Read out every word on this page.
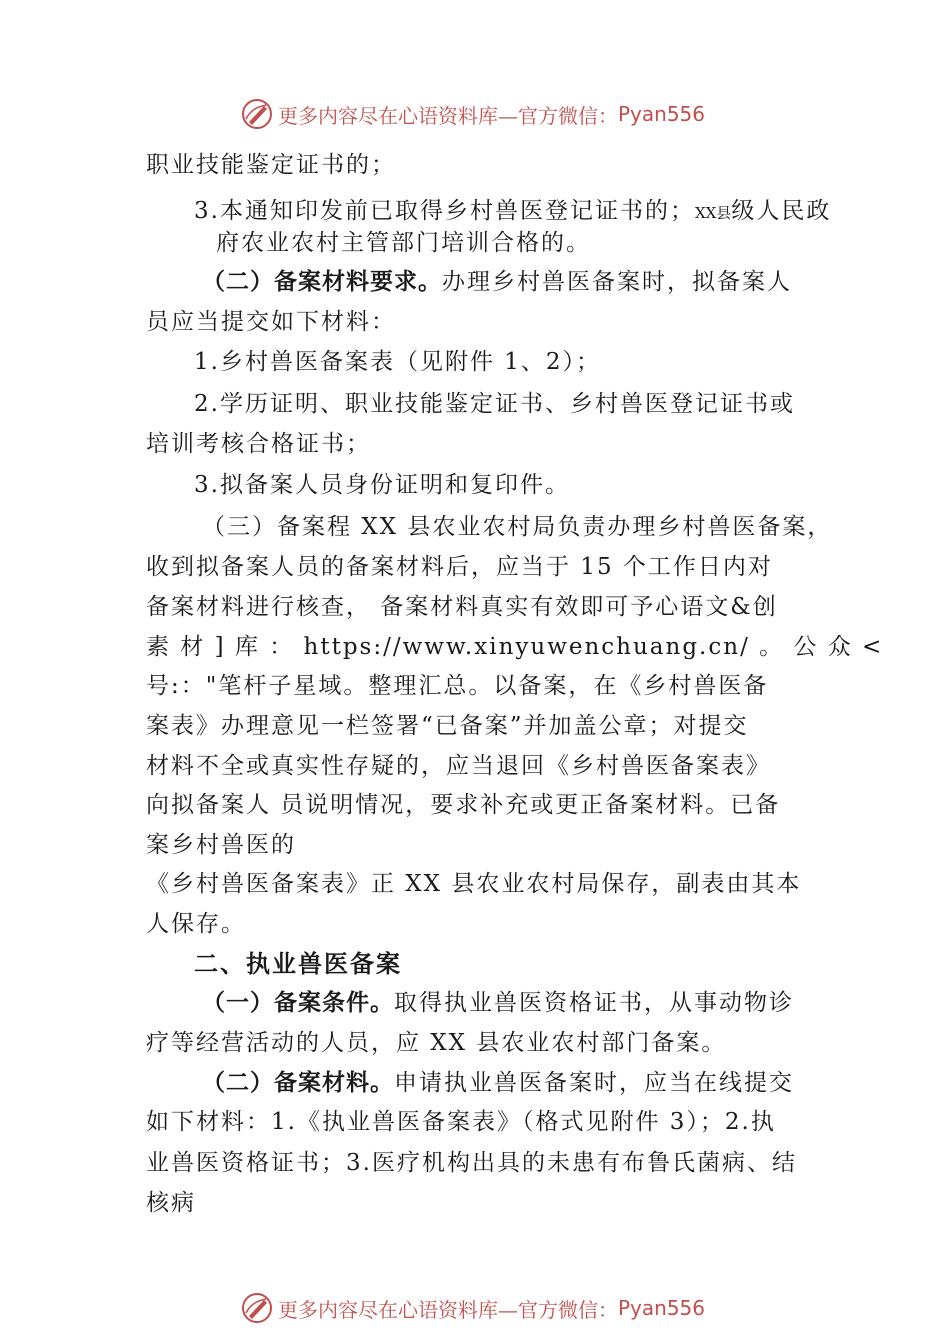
更多内容尽在心语资料库—官方微信： Pyan556
职业技能鉴定证书的；
3.本通知印发前已取得乡村兽医登记证书的；XX县级人民政
府农业农村主管部门培训合格的。
（二）备案材料要求。办理乡村兽医备案时，拟备案人
员应当提交如下材料：
1.乡村兽医备案表（见附件 1、2）；
2.学历证明、职业技能鉴定证书、乡村兽医登记证书或
培训考核合格证书；
3.拟备案人员身份证明和复印件。
（三）备案程 XX 县农业农村局负责办理乡村兽医备案，
收到拟备案人员的备案材料后，应当于 15 个工作日内对
备案材料进行核查， 备案材料真实有效即可予心语文&创
素 材 ] 库 ： https://www.xinyuwenchuang.cn/ 。 公 众 <
号:："笔杆子星域。整理汇总。以备案，在《乡村兽医备
案表》办理意见一栏签署“已备案”并加盖公章；对提交
材料不全或真实性存疑的，应当退回《乡村兽医备案表》
向拟备案人 员说明情况，要求补充或更正备案材料。已备
案乡村兽医的
《乡村兽医备案表》正 XX 县农业农村局保存，副表由其本
人保存。
二、执业兽医备案
（一）备案条件。取得执业兽医资格证书，从事动物诊
疗等经营活动的人员，应 XX 县农业农村部门备案。
（二）备案材料。申请执业兽医备案时，应当在线提交
如下材料：1.《执业兽医备案表》（格式见附件 3）；2.执
业兽医资格证书；3.医疗机构出具的未患有布鲁氏菌病、结
核病
更多内容尽在心语资料库—官方微信： Pyan556
